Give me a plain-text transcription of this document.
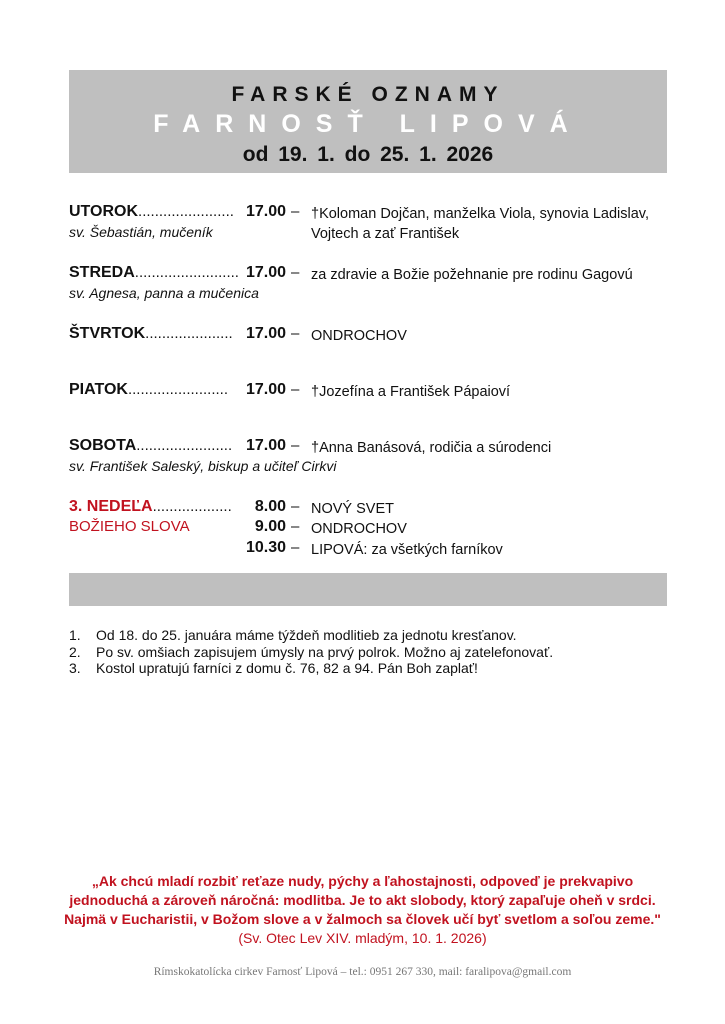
FARSKÉ OZNAMY
FARNOSŤ LIPOVÁ
od 19. 1. do 25. 1. 2026
UTOROK....................... 17.00 – †Koloman Dojčan, manželka Viola, synovia Ladislav, Vojtech a zať František
sv. Šebastián, mučeník
STREDA......................... 17.00 – za zdravie a Božie požehnanie pre rodinu Gagovú
sv. Agnesa, panna a mučenica
ŠTVRTOK..................... 17.00 – ONDROCHOV
PIATOK........................	17.00 – †Jozefína a František Pápaioví
SOBOTA....................... 17.00 – †Anna Banásová, rodičia a súrodenci
sv. František Saleský, biskup a učiteľ Cirkvi
3. NEDEĽA...................
BOŽIEHO SLOVA
8.00 – NOVÝ SVET
9.00 – ONDROCHOV
10.30 – LIPOVÁ: za všetkých farníkov
1.	Od 18. do 25. januára máme týždeň modlitieb za jednotu kresťanov.
2.	Po sv. omšiach zapisujem úmysly na prvý polrok. Možno aj zatelefonovať.
3.	Kostol upratujú farníci z domu č. 76, 82 a 94. Pán Boh zaplať!
„Ak chcú mladí rozbiť reťaze nudy, pýchy a ľahostajnosti, odpoveď je prekvapivo
jednoduchá a zároveň náročná: modlitba. Je to akt slobody, ktorý zapaľuje oheň v srdci.
Najmä v Eucharistii, v Božom slove a v žalmoch sa človek učí byť svetlom a soľou zeme."
(Sv. Otec Lev XIV. mladým, 10. 1. 2026)
Rímskokatolícka cirkev Farnosť Lipová – tel.: 0951 267 330, mail: faralipova@gmail.com
